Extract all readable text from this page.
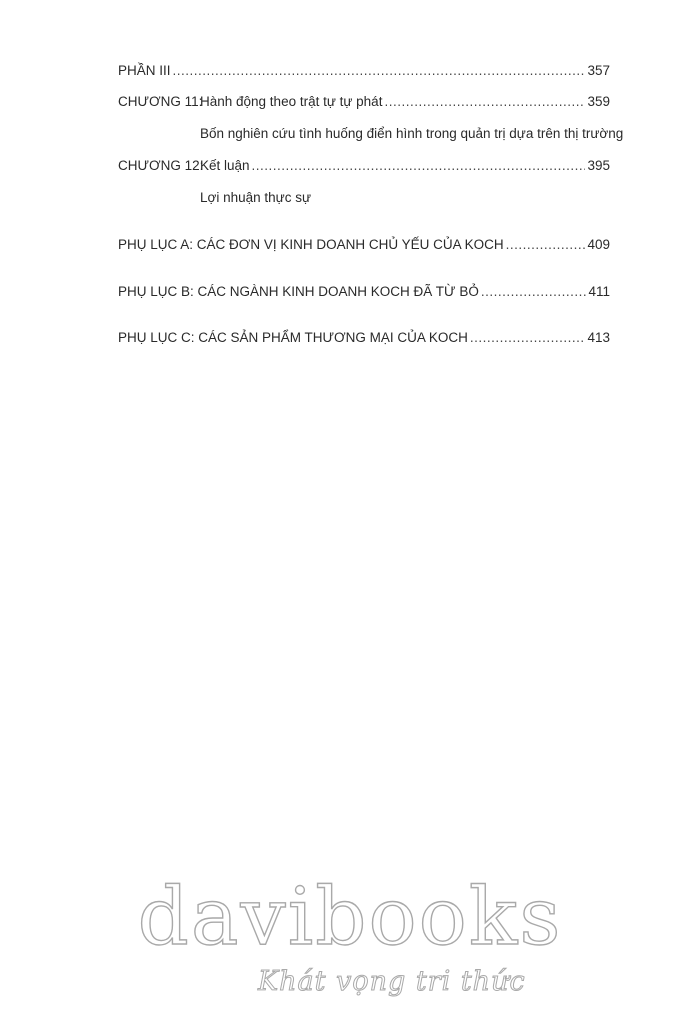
PHẦN III .....	357
CHƯƠNG 11:Hành động theo trật tự tự phát .....	359
Bốn nghiên cứu tình huống điển hình trong quản trị dựa trên thị trường
CHƯƠNG 12:Kết luận .....	395
Lợi nhuận thực sự
PHỤ LỤC A: CÁC ĐƠN VỊ KINH DOANH CHỦ YẾU CỦA KOCH .....	409
PHỤ LỤC B: CÁC NGÀNH KINH DOANH KOCH ĐÃ TỪ BỎ .....	411
PHỤ LỤC C: CÁC SẢN PHẨM THƯƠNG MẠI CỦA KOCH .....	413
davibooks
Khát vọng tri thức
